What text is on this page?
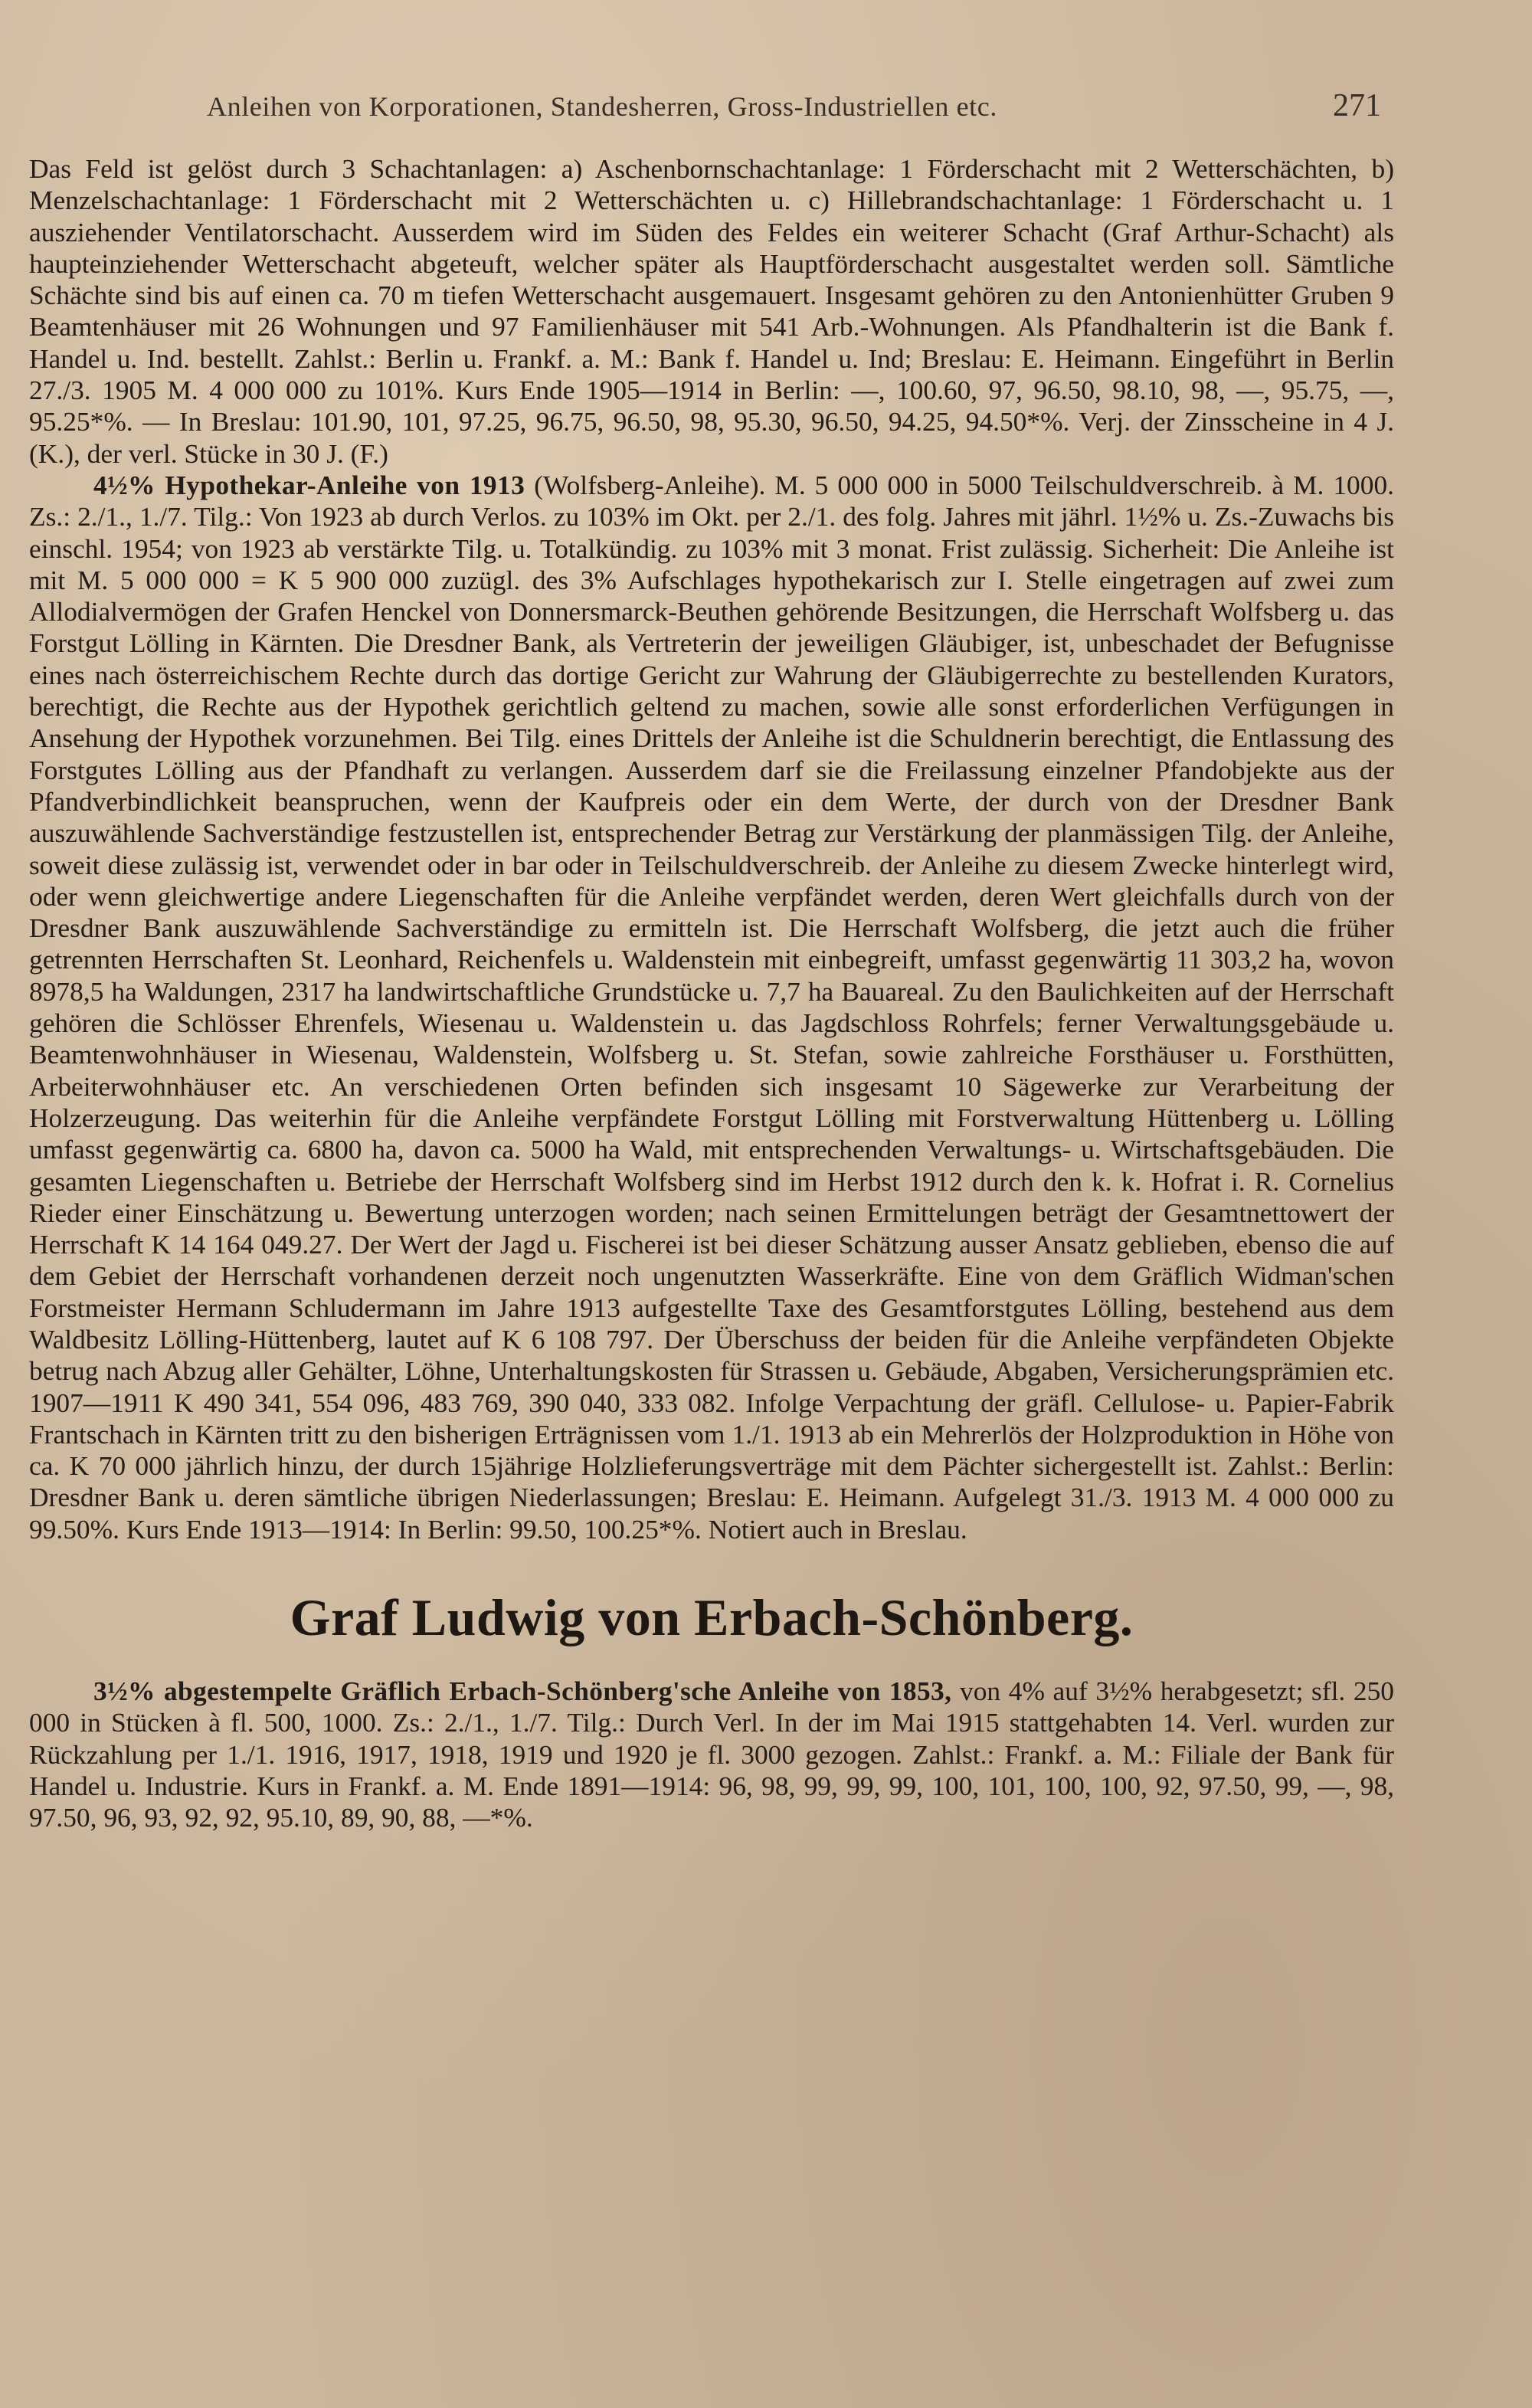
Anleihen von Korporationen, Standesherren, Gross-Industriellen etc.	271

Das Feld ist gelöst durch 3 Schachtanlagen: a) Aschenbornschachtanlage: 1 Förderschacht mit 2 Wetterschächten, b) Menzelschachtanlage: 1 Förderschacht mit 2 Wetterschächten u. c) Hillebrandschachtanlage: 1 Förderschacht u. 1 ausziehender Ventilatorschacht. Ausserdem wird im Süden des Feldes ein weiterer Schacht (Graf Arthur-Schacht) als haupteinziehender Wetterschacht abgeteuft, welcher später als Hauptförderschacht ausgestaltet werden soll. Sämtliche Schächte sind bis auf einen ca. 70 m tiefen Wetterschacht ausgemauert. Insgesamt gehören zu den Antonienhütter Gruben 9 Beamtenhäuser mit 26 Wohnungen und 97 Familienhäuser mit 541 Arb.-Wohnungen. Als Pfandhalterin ist die Bank f. Handel u. Ind. bestellt. Zahlst.: Berlin u. Frankf. a. M.: Bank f. Handel u. Ind; Breslau: E. Heimann. Eingeführt in Berlin 27./3. 1905 M. 4 000 000 zu 101%. Kurs Ende 1905—1914 in Berlin: —, 100.60, 97, 96.50, 98.10, 98, —, 95.75, —, 95.25*%. — In Breslau: 101.90, 101, 97.25, 96.75, 96.50, 98, 95.30, 96.50, 94.25, 94.50*%. Verj. der Zinsscheine in 4 J. (K.), der verl. Stücke in 30 J. (F.)

4½% Hypothekar-Anleihe von 1913 (Wolfsberg-Anleihe). M. 5 000 000 in 5000 Teilschuldverschreib. à M. 1000. Zs.: 2./1., 1./7. Tilg.: Von 1923 ab durch Verlos. zu 103% im Okt. per 2./1. des folg. Jahres mit jährl. 1½% u. Zs.-Zuwachs bis einschl. 1954; von 1923 ab verstärkte Tilg. u. Totalkündig. zu 103% mit 3 monat. Frist zulässig. Sicherheit: Die Anleihe ist mit M. 5 000 000 = K 5 900 000 zuzügl. des 3% Aufschlages hypothekarisch zur I. Stelle eingetragen auf zwei zum Allodialvermögen der Grafen Henckel von Donnersmarck-Beuthen gehörende Besitzungen, die Herrschaft Wolfsberg u. das Forstgut Lölling in Kärnten. Die Dresdner Bank, als Vertreterin der jeweiligen Gläubiger, ist, unbeschadet der Befugnisse eines nach österreichischem Rechte durch das dortige Gericht zur Wahrung der Gläubigerrechte zu bestellenden Kurators, berechtigt, die Rechte aus der Hypothek gerichtlich geltend zu machen, sowie alle sonst erforderlichen Verfügungen in Ansehung der Hypothek vorzunehmen. Bei Tilg. eines Drittels der Anleihe ist die Schuldnerin berechtigt, die Entlassung des Forstgutes Lölling aus der Pfandhaft zu verlangen. Ausserdem darf sie die Freilassung einzelner Pfandobjekte aus der Pfandverbindlichkeit beanspruchen, wenn der Kaufpreis oder ein dem Werte, der durch von der Dresdner Bank auszuwählende Sachverständige festzustellen ist, entsprechender Betrag zur Verstärkung der planmässigen Tilg. der Anleihe, soweit diese zulässig ist, verwendet oder in bar oder in Teilschuldverschreib. der Anleihe zu diesem Zwecke hinterlegt wird, oder wenn gleichwertige andere Liegenschaften für die Anleihe verpfändet werden, deren Wert gleichfalls durch von der Dresdner Bank auszuwählende Sachverständige zu ermitteln ist. Die Herrschaft Wolfsberg, die jetzt auch die früher getrennten Herrschaften St. Leonhard, Reichenfels u. Waldenstein mit einbegreift, umfasst gegenwärtig 11 303,2 ha, wovon 8978,5 ha Waldungen, 2317 ha landwirtschaftliche Grundstücke u. 7,7 ha Bauareal. Zu den Baulichkeiten auf der Herrschaft gehören die Schlösser Ehrenfels, Wiesenau u. Waldenstein u. das Jagdschloss Rohrfels; ferner Verwaltungsgebäude u. Beamtenwohnhäuser in Wiesenau, Waldenstein, Wolfsberg u. St. Stefan, sowie zahlreiche Forsthäuser u. Forsthütten, Arbeiterwohnhäuser etc. An verschiedenen Orten befinden sich insgesamt 10 Sägewerke zur Verarbeitung der Holzerzeugung. Das weiterhin für die Anleihe verpfändete Forstgut Lölling mit Forstverwaltung Hüttenberg u. Lölling umfasst gegenwärtig ca. 6800 ha, davon ca. 5000 ha Wald, mit entsprechenden Verwaltungs- u. Wirtschaftsgebäuden. Die gesamten Liegenschaften u. Betriebe der Herrschaft Wolfsberg sind im Herbst 1912 durch den k. k. Hofrat i. R. Cornelius Rieder einer Einschätzung u. Bewertung unterzogen worden; nach seinen Ermittelungen beträgt der Gesamtnettowert der Herrschaft K 14 164 049.27. Der Wert der Jagd u. Fischerei ist bei dieser Schätzung ausser Ansatz geblieben, ebenso die auf dem Gebiet der Herrschaft vorhandenen derzeit noch ungenutzten Wasserkräfte. Eine von dem Gräflich Widman'schen Forstmeister Hermann Schludermann im Jahre 1913 aufgestellte Taxe des Gesamtforstgutes Lölling, bestehend aus dem Waldbesitz Lölling-Hüttenberg, lautet auf K 6 108 797. Der Überschuss der beiden für die Anleihe verpfändeten Objekte betrug nach Abzug aller Gehälter, Löhne, Unterhaltungskosten für Strassen u. Gebäude, Abgaben, Versicherungsprämien etc. 1907—1911 K 490 341, 554 096, 483 769, 390 040, 333 082. Infolge Verpachtung der gräfl. Cellulose- u. Papier-Fabrik Frantschach in Kärnten tritt zu den bisherigen Erträgnissen vom 1./1. 1913 ab ein Mehrerlös der Holzproduktion in Höhe von ca. K 70 000 jährlich hinzu, der durch 15jährige Holzlieferungsverträge mit dem Pächter sichergestellt ist. Zahlst.: Berlin: Dresdner Bank u. deren sämtliche übrigen Niederlassungen; Breslau: E. Heimann. Aufgelegt 31./3. 1913 M. 4 000 000 zu 99.50%. Kurs Ende 1913—1914: In Berlin: 99.50, 100.25*%. Notiert auch in Breslau.

Graf Ludwig von Erbach-Schönberg.

3½% abgestempelte Gräflich Erbach-Schönberg'sche Anleihe von 1853, von 4% auf 3½% herabgesetzt; sfl. 250 000 in Stücken à fl. 500, 1000. Zs.: 2./1., 1./7. Tilg.: Durch Verl. In der im Mai 1915 stattgehabten 14. Verl. wurden zur Rückzahlung per 1./1. 1916, 1917, 1918, 1919 und 1920 je fl. 3000 gezogen. Zahlst.: Frankf. a. M.: Filiale der Bank für Handel u. Industrie. Kurs in Frankf. a. M. Ende 1891—1914: 96, 98, 99, 99, 99, 100, 101, 100, 100, 92, 97.50, 99, —, 98, 97.50, 96, 93, 92, 92, 95.10, 89, 90, 88, —*%.
